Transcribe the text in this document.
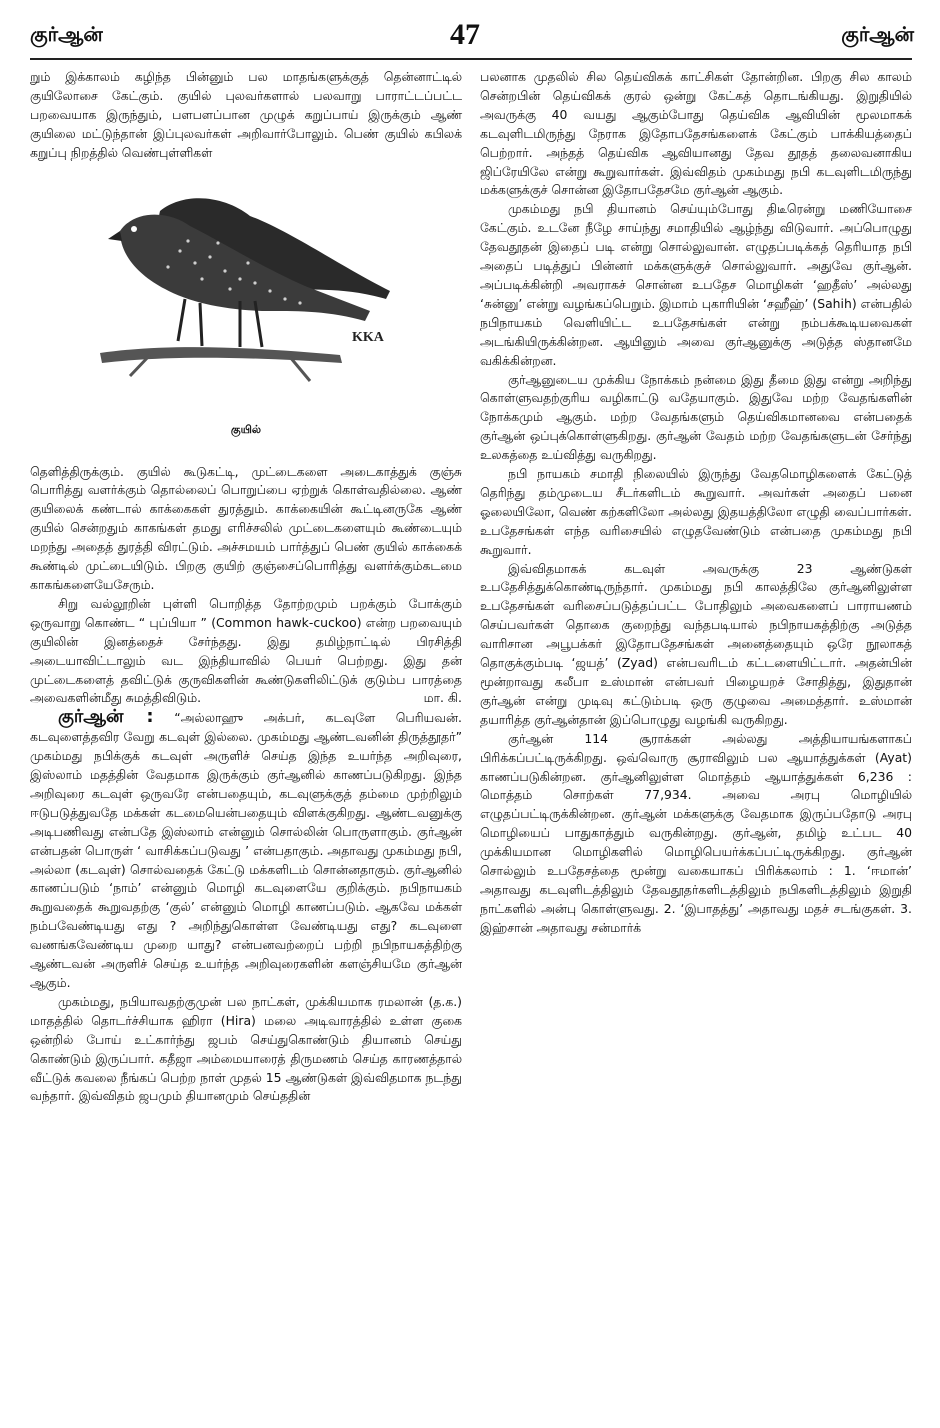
குர்ஆன்	47	குர்ஆன்

றும் இக்காலம் கழிந்த பின்னும் பல மாதங்களுக்குத் தென்னாட்டில் குயிலோசை கேட்கும். குயில் புலவர்களால் பலவாறு பாராட்டப்பட்ட பறவையாக இருந்தும், பளபளப்பான முழுக் கறுப்பாய் இருக்கும் ஆண் குயிலை மட்டுந்தான் இப்புலவர்கள் அறிவார்போலும். பெண் குயில் கபிலக் கறுப்பு நிறத்தில் வெண்புள்ளிகள்

KKA
குயில்

தெளித்திருக்கும். குயில் கூடுகட்டி, முட்டைகளை அடைகாத்துக் குஞ்சு பொரித்து வளர்க்கும் தொல்லைப் பொறுப்பை ஏற்றுக் கொள்வதில்லை. ஆண் குயிலைக் கண்டால் காக்கைகள் துரத்தும். காக்கையின் கூட்டினருகே ஆண் குயில் சென்றதும் காகங்கள் தமது எரிச்சலில் முட்டைகளையும் கூண்டையும் மறந்து அதைத் துரத்தி விரட்டும். அச்சமயம் பார்த்துப் பெண் குயில் காக்கைக் கூண்டில் முட்டையிடும். பிறகு குயிற் குஞ்சைப்பொரித்து வளர்க்கும்கடமை காகங்களையேசேரும்.

சிறு வல்லூறின் புள்ளி பொறித்த தோற்றமும் பறக்கும் போக்கும் ஒருவாறு கொண்ட “ புப்பியா ” (Common hawk-cuckoo) என்ற பறவையும் குயிலின் இனத்தைச் சேர்ந்தது. இது தமிழ்நாட்டில் பிரசித்தி அடையாவிட்டாலும் வட இந்தியாவில் பெயர் பெற்றது. இது தன் முட்டைகளைத் தவிட்டுக் குருவிகளின் கூண்டுகளிலிட்டுக் குடும்ப பாரத்தை அவைகளின்மீது சுமத்திவிடும்.	மா. கி.

குர்ஆன் : “அல்லாஹு அக்பர், கடவுளே பெரியவன். கடவுளைத்தவிர வேறு கடவுள் இல்லை. முகம்மது ஆண்டவனின் திருத்தூதர்” முகம்மது நபிக்குக் கடவுள் அருளிச் செய்த இந்த உயர்ந்த அறிவுரை, இஸ்லாம் மதத்தின் வேதமாக இருக்கும் குர்ஆனில் காணப்படுகிறது. இந்த அறிவுரை கடவுள் ஒருவரே என்பதையும், கடவுளுக்குத் தம்மை முற்றிலும் ஈடுபடுத்துவதே மக்கள் கடமையென்பதையும் விளக்குகிறது. ஆண்டவனுக்கு அடிபணிவது என்பதே இஸ்லாம் என்னும் சொல்லின் பொருளாகும். குர்ஆன் என்பதன் பொருள் ‘ வாசிக்கப்படுவது ’ என்பதாகும். அதாவது முகம்மது நபி, அல்லா (கடவுள்) சொல்வதைக் கேட்டு மக்களிடம் சொன்னதாகும். குர்ஆனில் காணப்படும் ‘நாம்’ என்னும் மொழி கடவுளையே குறிக்கும். நபிநாயகம் கூறுவதைக் கூறுவதற்கு ‘குல்’ என்னும் மொழி காணப்படும். ஆகவே மக்கள் நம்பவேண்டியது எது ? அறிந்துகொள்ள வேண்டியது எது? கடவுளை வணங்கவேண்டிய முறை யாது? என்பனவற்றைப் பற்றி நபிநாயகத்திற்கு ஆண்டவன் அருளிச் செய்த உயர்ந்த அறிவுரைகளின் களஞ்சியமே குர்ஆன் ஆகும்.

முகம்மது, நபியாவதற்குமுன் பல நாட்கள், முக்கியமாக ரமலான் (த.க.) மாதத்தில் தொடர்ச்சியாக ஹிரா (Hira) மலை அடிவாரத்தில் உள்ள குகை ஒன்றில் போய் உட்கார்ந்து ஜபம் செய்துகொண்டும் தியானம் செய்து கொண்டும் இருப்பார். கதீஜா அம்மையாரைத் திருமணம் செய்த காரணத்தால் வீட்டுக் கவலை நீங்கப் பெற்ற நாள் முதல் 15 ஆண்டுகள் இவ்விதமாக நடந்து வந்தார். இவ்விதம் ஜபமும் தியானமும் செய்ததின்

பலனாக முதலில் சில தெய்விகக் காட்சிகள் தோன்றின. பிறகு சில காலம் சென்றபின் தெய்விகக் குரல் ஒன்று கேட்கத் தொடங்கியது. இறுதியில் அவருக்கு 40 வயது ஆகும்போது தெய்விக ஆவியின் மூலமாகக் கடவுளிடமிருந்து நேராக இதோபதேசங்களைக் கேட்கும் பாக்கியத்தைப் பெற்றார். அந்தத் தெய்விக ஆவியானது தேவ தூதத் தலைவனாகிய ஜிப்ரேயிலே என்று கூறுவார்கள். இவ்விதம் முகம்மது நபி கடவுளிடமிருந்து மக்களுக்குச் சொன்ன இதோபதேசமே குர்ஆன் ஆகும்.

முகம்மது நபி தியானம் செய்யும்போது திடீரென்று மணியோசை கேட்கும். உடனே நீழே சாய்ந்து சமாதியில் ஆழ்ந்து விடுவார். அப்பொழுது தேவதூதன் இதைப் படி என்று சொல்லுவான். எழுதப்படிக்கத் தெரியாத நபி அதைப் படித்துப் பின்னர் மக்களுக்குச் சொல்லுவார். அதுவே குர்ஆன். அப்படிக்கின்றி அவராகச் சொன்ன உபதேச மொழிகள் ‘ஹதீஸ்’ அல்லது ‘சுன்னு’ என்று வழங்கப்பெறும். இமாம் புகாரியின் ‘சஹீஹ்’ (Sahih) என்பதில் நபிநாயகம் வெளியிட்ட உபதேசங்கள் என்று நம்பக்கூடியவைகள் அடங்கியிருக்கின்றன. ஆயினும் அவை குர்ஆனுக்கு அடுத்த ஸ்தானமே வகிக்கின்றன.

குர்ஆனுடைய முக்கிய நோக்கம் நன்மை இது தீமை இது என்று அறிந்து கொள்ளுவதற்குரிய வழிகாட்டு வதேயாகும். இதுவே மற்ற வேதங்களின் நோக்கமும் ஆகும். மற்ற வேதங்களும் தெய்விகமானவை என்பதைக் குர்ஆன் ஒப்புக்கொள்ளுகிறது. குர்ஆன் வேதம் மற்ற வேதங்களுடன் சேர்ந்து உலகத்தை உய்வித்து வருகிறது.

நபி நாயகம் சமாதி நிலையில் இருந்து வேதமொழிகளைக் கேட்டுத் தெரிந்து தம்முடைய சீடர்களிடம் கூறுவார். அவர்கள் அதைப் பனை ஓலையிலோ, வெண் கற்களிலோ அல்லது இதயத்திலோ எழுதி வைப்பார்கள். உபதேசங்கள் எந்த வரிசையில் எழுதவேண்டும் என்பதை முகம்மது நபி கூறுவார்.

இவ்விதமாகக் கடவுள் அவருக்கு 23 ஆண்டுகள் உபதேசித்துக்கொண்டிருந்தார். முகம்மது நபி காலத்திலே குர்ஆனிலுள்ள உபதேசங்கள் வரிசைப்படுத்தப்பட்ட போதிலும் அவைகளைப் பாராயணம் செய்பவர்கள் தொகை குறைந்து வந்தபடியால் நபிநாயகத்திற்கு அடுத்த வாரிசான அபூபக்கர் இதோபதேசங்கள் அனைத்தையும் ஒரே நூலாகத் தொகுக்கும்படி ‘ஜயத்’ (Zyad) என்பவரிடம் கட்டளையிட்டார். அதன்பின் மூன்றாவது கலீபா உஸ்மான் என்பவர் பிழையறச் சோதித்து, இதுதான் குர்ஆன் என்று முடிவு கட்டும்படி ஒரு குழுவை அமைத்தார். உஸ்மான் தயாரித்த குர்ஆன்தான் இப்பொழுது வழங்கி வருகிறது.

குர்ஆன் 114 சூராக்கள் அல்லது அத்தியாயங்களாகப் பிரிக்கப்பட்டிருக்கிறது. ஒவ்வொரு சூராவிலும் பல ஆயாத்துக்கள் (Ayat) காணப்படுகின்றன. குர்ஆனிலுள்ள மொத்தம் ஆயாத்துக்கள் 6,236 : மொத்தம் சொற்கள் 77,934. அவை அரபு மொழியில் எழுதப்பட்டிருக்கின்றன. குர்ஆன் மக்களுக்கு வேதமாக இருப்பதோடு அரபு மொழியைப் பாதுகாத்தும் வருகின்றது. குர்ஆன், தமிழ் உட்பட 40 முக்கியமான மொழிகளில் மொழிபெயர்க்கப்பட்டிருக்கிறது. குர்ஆன் சொல்லும் உபதேசத்தை மூன்று வகையாகப் பிரிக்கலாம் : 1. ‘ஈமான்’ அதாவது கடவுளிடத்திலும் தேவதூதர்களிடத்திலும் நபிகளிடத்திலும் இறுதி நாட்களில் அன்பு கொள்ளுவது. 2. ‘இபாதத்து’ அதாவது மதச் சடங்குகள். 3. இஹ்சான் அதாவது சன்மார்க்
